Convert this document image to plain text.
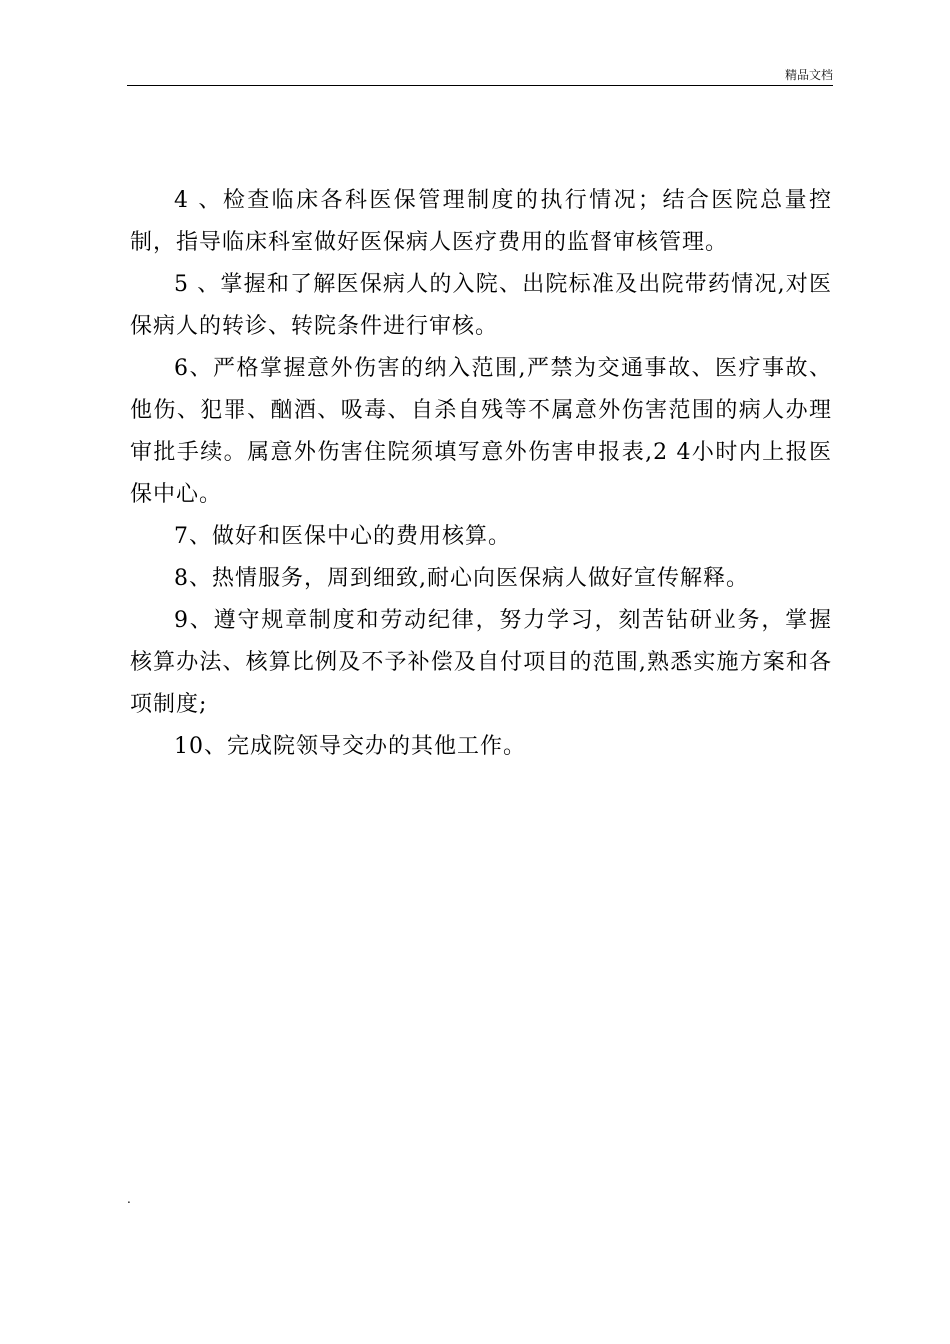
精品文档

4 、检查临床各科医保管理制度的执行情况；结合医院总量控制，指导临床科室做好医保病人医疗费用的监督审核管理。

5 、掌握和了解医保病人的入院、出院标准及出院带药情况,对医保病人的转诊、转院条件进行审核。

6、严格掌握意外伤害的纳入范围,严禁为交通事故、医疗事故、他伤、犯罪、酗酒、吸毒、自杀自残等不属意外伤害范围的病人办理审批手续。属意外伤害住院须填写意外伤害申报表,2 4小时内上报医保中心。

7、做好和医保中心的费用核算。

8、热情服务，周到细致,耐心向医保病人做好宣传解释。

9、遵守规章制度和劳动纪律，努力学习，刻苦钻研业务，掌握核算办法、核算比例及不予补偿及自付项目的范围,熟悉实施方案和各项制度;

10、完成院领导交办的其他工作。

.
